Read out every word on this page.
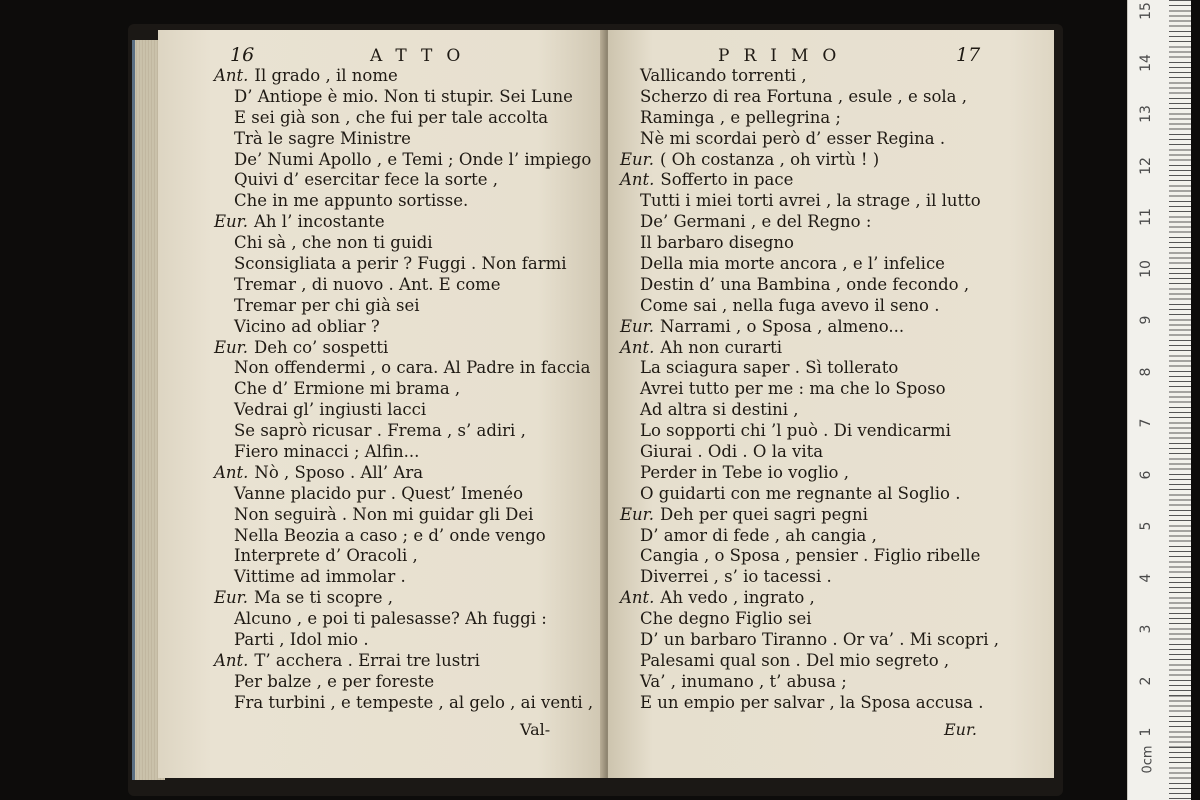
16	ATTO
Ant. Il grado , il nome
D’ Antiope è mio. Non ti stupir. Sei Lune
E sei già son , che fui per tale accolta
Trà le sagre Ministre
De’ Numi Apollo , e Temi ; Onde l’ impiego
Quivi d’ esercitar fece la sorte ,
Che in me appunto sortisse.
Eur. Ah l’ incostante
Chi sà , che non ti guidi
Sconsigliata a perir ? Fuggi . Non farmi
Tremar , di nuovo . Ant. E come
Tremar per chi già sei
Vicino ad obliar ?
Eur. Deh co’ sospetti
Non offendermi , o cara. Al Padre in faccia
Che d’ Ermione mi brama ,
Vedrai gl’ ingiusti lacci
Se saprò ricusar . Frema , s’ adiri ,
Fiero minacci ; Alfin...
Ant. Nò , Sposo . All’ Ara
Vanne placido pur . Quest’ Imenéo
Non seguirà . Non mi guidar gli Dei
Nella Beozia a caso ; e d’ onde vengo
Interprete d’ Oracoli ,
Vittime ad immolar .
Eur. Ma se ti scopre ,
Alcuno , e poi ti palesasse? Ah fuggi :
Parti , Idol mio .
Ant. T’ acchera . Errai tre lustri
Per balze , e per foreste
Fra turbini , e tempeste , al gelo , ai venti ,
Val-
PRIMO	17
Vallicando torrenti ,
Scherzo di rea Fortuna , esule , e sola ,
Raminga , e pellegrina ;
Nè mi scordai però d’ esser Regina .
Eur. ( Oh costanza , oh virtù ! )
Ant. Sofferto in pace
Tutti i miei torti avrei , la strage , il lutto
De’ Germani , e del Regno :
Il barbaro disegno
Della mia morte ancora , e l’ infelice
Destin d’ una Bambina , onde fecondo ,
Come sai , nella fuga avevo il seno .
Eur. Narrami , o Sposa , almeno...
Ant. Ah non curarti
La sciagura saper . Sì tollerato
Avrei tutto per me : ma che lo Sposo
Ad altra si destini ,
Lo sopporti chi ’l può . Di vendicarmi
Giurai . Odi . O la vita
Perder in Tebe io voglio ,
O guidarti con me regnante al Soglio .
Eur. Deh per quei sagri pegni
D’ amor di fede , ah cangia ,
Cangia , o Sposa , pensier . Figlio ribelle
Diverrei , s’ io tacessi .
Ant. Ah vedo , ingrato ,
Che degno Figlio sei
D’ un barbaro Tiranno . Or va’ . Mi scopri ,
Palesami qual son . Del mio segreto ,
Va’ , inumano , t’ abusa ;
E un empio per salvar , la Sposa accusa .
Eur.	1
2
3
4
5
6
7
8
9
10
11
12
13
14
15
0cm
